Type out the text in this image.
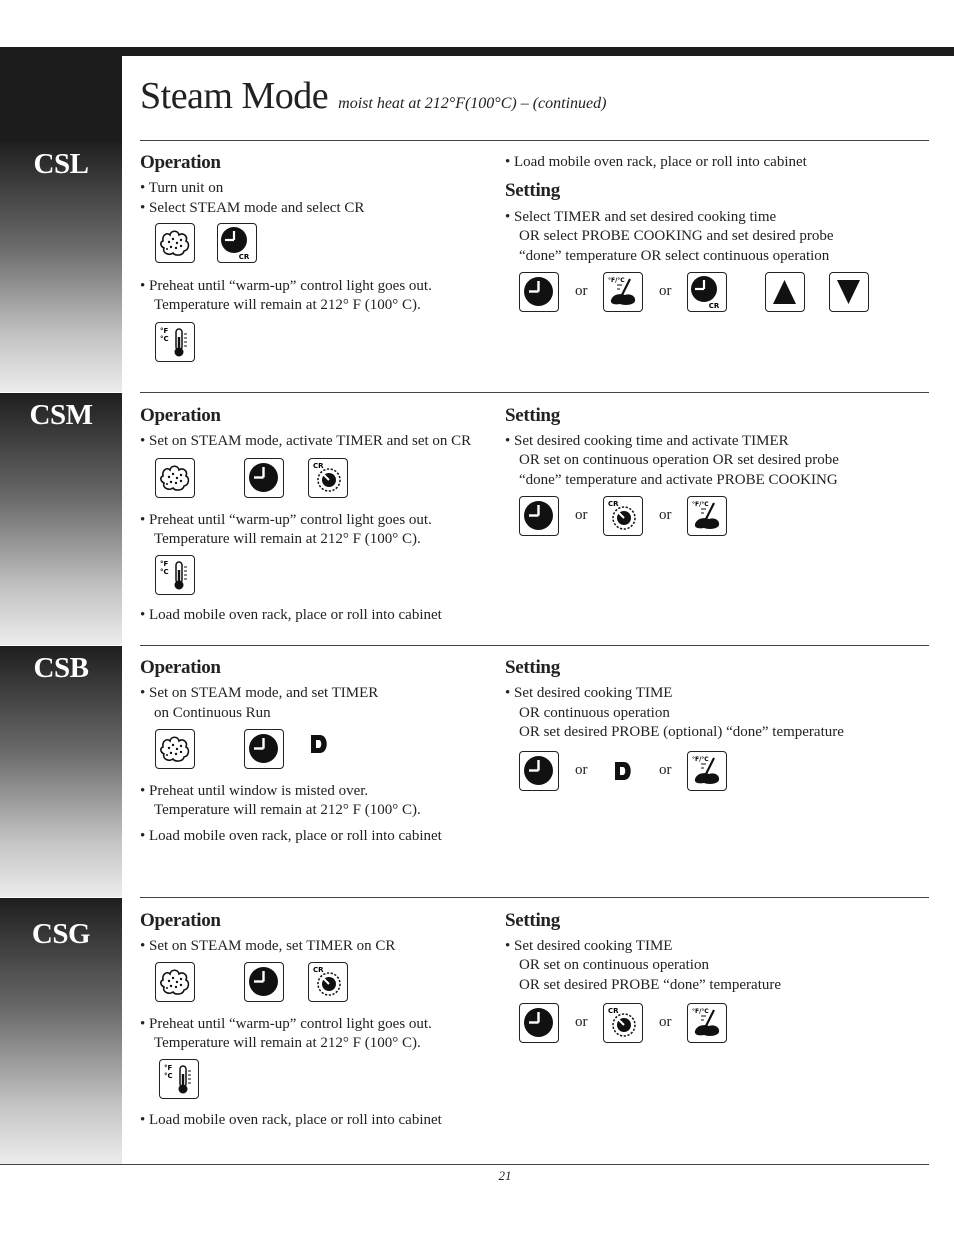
CSL
CSM
CSB
CSG
Steam Mode moist heat at 212°F(100°C) – (continued)
Operation
• Turn unit on
• Select STEAM mode and select CR
CR
• Preheat until “warm-up” control light goes out.
Temperature will remain at 212° F (100° C).
°F
°C
• Load mobile oven rack, place or roll into cabinet
Setting
• Select TIMER and set desired cooking time
OR select PROBE COOKING and set desired probe
“done” temperature OR select continuous operation
or
°F/°C
or
CR
Operation
• Set on STEAM mode, activate TIMER and set on CR
CR
• Preheat until “warm-up” control light goes out.
Temperature will remain at 212° F (100° C).
°F
°C
• Load mobile oven rack, place or roll into cabinet
Setting
• Set desired cooking time and activate TIMER
OR set on continuous operation OR set desired probe
“done” temperature and activate PROBE COOKING
or
CR
or
°F/°C
Operation
• Set on STEAM mode, and set TIMER
on Continuous Run
• Preheat until window is misted over.
Temperature will remain at 212° F (100° C).
• Load mobile oven rack, place or roll into cabinet
Setting
• Set desired cooking TIME
OR continuous operation
OR set desired PROBE (optional) “done” temperature
or	or
°F/°C
Operation
• Set on STEAM mode, set TIMER on CR
CR
• Preheat until “warm-up” control light goes out.
Temperature will remain at 212° F (100° C).
°F
°C
• Load mobile oven rack, place or roll into cabinet
Setting
• Set desired cooking TIME
OR set on continuous operation
OR set desired PROBE “done” temperature
or
CR
or
°F/°C
21
